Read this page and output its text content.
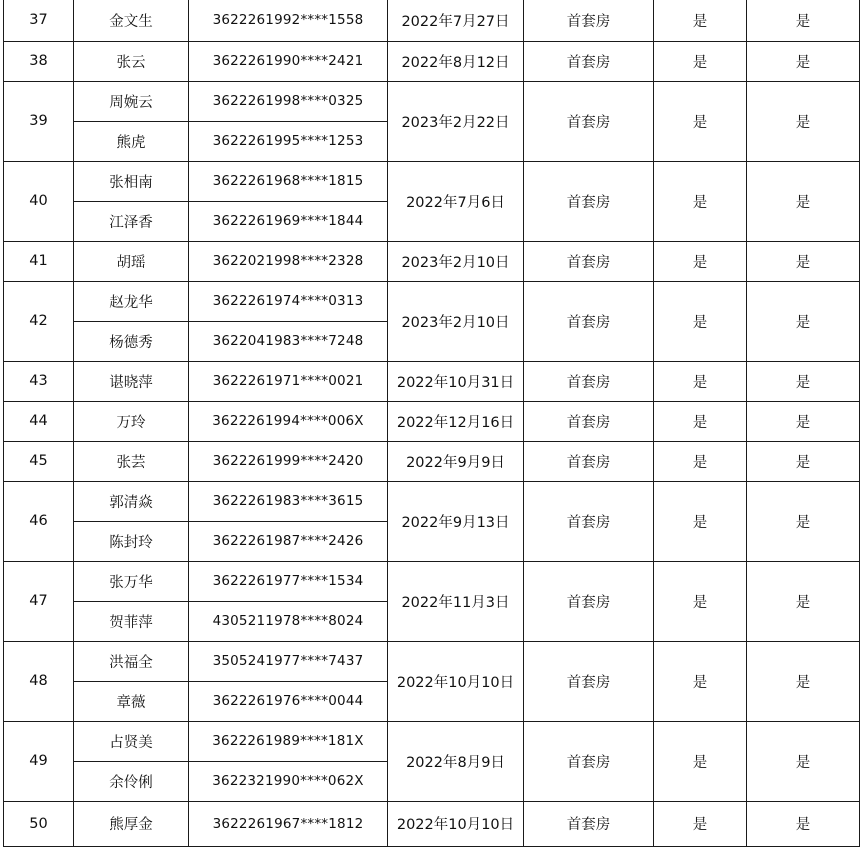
37	金文生	3622261992****1558	2022年7月27日	首套房	是	是
38	张云	3622261990****2421	2022年8月12日	首套房	是	是
39	周婉云	3622261998****0325	2023年2月22日	首套房	是	是
	熊虎	3622261995****1253				
40	张相南	3622261968****1815	2022年7月6日	首套房	是	是
	江泽香	3622261969****1844				
41	胡瑶	3622021998****2328	2023年2月10日	首套房	是	是
42	赵龙华	3622261974****0313	2023年2月10日	首套房	是	是
	杨德秀	3622041983****7248				
43	谌晓萍	3622261971****0021	2022年10月31日	首套房	是	是
44	万玲	3622261994****006X	2022年12月16日	首套房	是	是
45	张芸	3622261999****2420	2022年9月9日	首套房	是	是
46	郭清焱	3622261983****3615	2022年9月13日	首套房	是	是
	陈封玲	3622261987****2426				
47	张万华	3622261977****1534	2022年11月3日	首套房	是	是
	贺菲萍	4305211978****8024				
48	洪福全	3505241977****7437	2022年10月10日	首套房	是	是
	章薇	3622261976****0044				
49	占贤美	3622261989****181X	2022年8月9日	首套房	是	是
	余伶俐	3622321990****062X				
50	熊厚金	3622261967****1812	2022年10月10日	首套房	是	是
